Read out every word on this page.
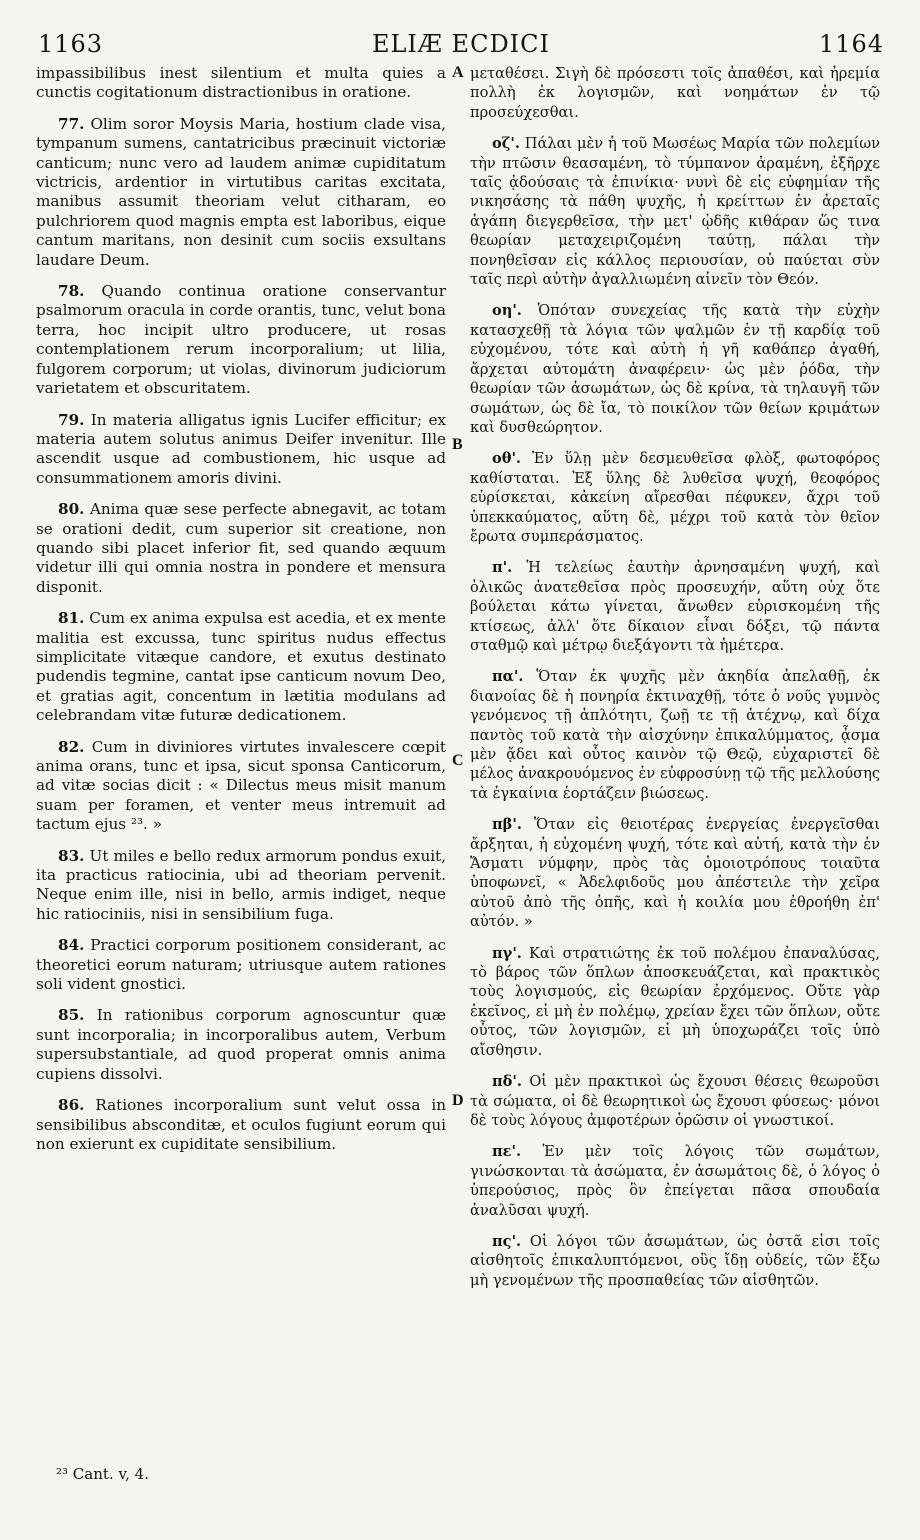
1163	ELIÆ ECDICI	1164

impassibilibus inest silentium et multa quies a cunctis cogitationum distractionibus in oratione.

77. Olim soror Moysis Maria, hostium clade visa, tympanum sumens, cantatricibus præcinuit victoriæ canticum; nunc vero ad laudem animæ cupiditatum victricis, ardentior in virtutibus caritas excitata, manibus assumit theoriam velut citharam, eo pulchriorem quod magnis empta est laboribus, eique cantum maritans, non desinit cum sociis exsultans laudare Deum.

78. Quando continua oratione conservantur psalmorum oracula in corde orantis, tunc, velut bona terra, hoc incipit ultro producere, ut rosas contemplationem rerum incorporalium; ut lilia, fulgorem corporum; ut violas, divinorum judiciorum varietatem et obscuritatem.

79. In materia alligatus ignis Lucifer efficitur; ex materia autem solutus animus Deifer invenitur. Ille ascendit usque ad combustionem, hic usque ad consummationem amoris divini.

80. Anima quæ sese perfecte abnegavit, ac totam se orationi dedit, cum superior sit creatione, non quando sibi placet inferior fit, sed quando æquum videtur illi qui omnia nostra in pondere et mensura disponit.

81. Cum ex anima expulsa est acedia, et ex mente malitia est excussa, tunc spiritus nudus effectus simplicitate vitæque candore, et exutus destinato pudendis tegmine, cantat ipse canticum novum Deo, et gratias agit, concentum in lætitia modulans ad celebrandam vitæ futuræ dedicationem.

82. Cum in diviniores virtutes invalescere cœpit anima orans, tunc et ipsa, sicut sponsa Canticorum, ad vitæ socias dicit : « Dilectus meus misit manum suam per foramen, et venter meus intremuit ad tactum ejus ²³. »

83. Ut miles e bello redux armorum pondus exuit, ita practicus ratiocinia, ubi ad theoriam pervenit. Neque enim ille, nisi in bello, armis indiget, neque hic ratiociniis, nisi in sensibilium fuga.

84. Practici corporum positionem considerant, ac theoretici eorum naturam; utriusque autem rationes soli vident gnostici.

85. In rationibus corporum agnoscuntur quæ sunt incorporalia; in incorporalibus autem, Verbum supersubstantiale, ad quod properat omnis anima cupiens dissolvi.

86. Rationes incorporalium sunt velut ossa in sensibilibus absconditæ, et oculos fugiunt eorum qui non exierunt ex cupiditate sensibilium.

μεταθέσει. Σιγὴ δὲ πρόσεστι τοῖς ἀπαθέσι, καὶ ἠρεμία πολλὴ ἐκ λογισμῶν, καὶ νοημάτων ἐν τῷ προσεύχεσθαι.

οζ'. Πάλαι μὲν ἡ τοῦ Μωσέως Μαρία τῶν πολεμίων τὴν πτῶσιν θεασαμένη, τὸ τύμπανον ἀραμένη, ἐξῆρχε ταῖς ᾀδούσαις τὰ ἐπινίκια· νυνὶ δὲ εἰς εὐφημίαν τῆς νικησάσης τὰ πάθη ψυχῆς, ἡ κρείττων ἐν ἀρεταῖς ἀγάπη διεγερθεῖσα, τὴν μετ' ᾠδῆς κιθάραν ὥς τινα θεωρίαν μεταχειριζομένη ταύτῃ, πάλαι τὴν πονηθεῖσαν εἰς κάλλος περιουσίαν, οὐ παύεται σὺν ταῖς περὶ αὐτὴν ἀγαλλιωμένη αἰνεῖν τὸν Θεόν.

οη'. Ὁπόταν συνεχείας τῆς κατὰ τὴν εὐχὴν κατασχεθῇ τὰ λόγια τῶν ψαλμῶν ἐν τῇ καρδίᾳ τοῦ εὐχομένου, τότε καὶ αὐτὴ ἡ γῆ καθάπερ ἀγαθή, ἄρχεται αὐτομάτη ἀναφέρειν· ὡς μὲν ῥόδα, τὴν θεωρίαν τῶν ἀσωμάτων, ὡς δὲ κρίνα, τὰ τηλαυγῆ τῶν σωμάτων, ὡς δὲ ἴα, τὸ ποικίλον τῶν θείων κριμάτων καὶ δυσθεώρητον.

οθ'. Ἐν ὕλῃ μὲν δεσμευθεῖσα φλὸξ, φωτοφόρος καθίσταται. Ἐξ ὕλης δὲ λυθεῖσα ψυχή, θεοφόρος εὑρίσκεται, κἀκείνη αἴρεσθαι πέφυκεν, ἄχρι τοῦ ὑπεκκαύματος, αὕτη δὲ, μέχρι τοῦ κατὰ τὸν θεῖον ἔρωτα συμπεράσματος.

π'. Ἡ τελείως ἑαυτὴν ἀρνησαμένη ψυχή, καὶ ὁλικῶς ἀνατεθεῖσα πρὸς προσευχήν, αὕτη οὐχ ὅτε βούλεται κάτω γίνεται, ἄνωθεν εὑρισκομένη τῆς κτίσεως, ἀλλ' ὅτε δίκαιον εἶναι δόξει, τῷ πάντα σταθμῷ καὶ μέτρῳ διεξάγοντι τὰ ἡμέτερα.

πα'. Ὅταν ἐκ ψυχῆς μὲν ἀκηδία ἀπελαθῇ, ἐκ διανοίας δὲ ἡ πονηρία ἐκτιναχθῇ, τότε ὁ νοῦς γυμνὸς γενόμενος τῇ ἁπλότητι, ζωῇ τε τῇ ἀτέχνῳ, καὶ δίχα παντὸς τοῦ κατὰ τὴν αἰσχύνην ἐπικαλύμματος, ᾆσμα μὲν ᾄδει καὶ οὗτος καινὸν τῷ Θεῷ, εὐχαριστεῖ δὲ μέλος ἀνακρουόμενος ἐν εὐφροσύνῃ τῷ τῆς μελλούσης τὰ ἐγκαίνια ἑορτάζειν βιώσεως.

πβ'. Ὅταν εἰς θειοτέρας ἐνεργείας ἐνεργεῖσθαι ἄρξηται, ἡ εὐχομένη ψυχή, τότε καὶ αὐτή, κατὰ τὴν ἐν Ἄσματι νύμφην, πρὸς τὰς ὁμοιοτρόπους τοιαῦτα ὑποφωνεῖ, « Ἀδελφιδοῦς μου ἀπέστειλε τὴν χεῖρα αὐτοῦ ἀπὸ τῆς ὀπῆς, καὶ ἡ κοιλία μου ἐθροήθη ἐπ' αὐτόν. »

πγ'. Καὶ στρατιώτης ἐκ τοῦ πολέμου ἐπαναλύσας, τὸ βάρος τῶν ὅπλων ἀποσκευάζεται, καὶ πρακτικὸς τοὺς λογισμούς, εἰς θεωρίαν ἐρχόμενος. Οὔτε γὰρ ἐκεῖνος, εἰ μὴ ἐν πολέμῳ, χρείαν ἔχει τῶν ὅπλων, οὔτε οὗτος, τῶν λογισμῶν, εἰ μὴ ὑποχωράζει τοῖς ὑπὸ αἴσθησιν.

πδ'. Οἱ μὲν πρακτικοὶ ὡς ἔχουσι θέσεις θεωροῦσι τὰ σώματα, οἱ δὲ θεωρητικοὶ ὡς ἔχουσι φύσεως· μόνοι δὲ τοὺς λόγους ἀμφοτέρων ὁρῶσιν οἱ γνωστικοί.

πε'. Ἐν μὲν τοῖς λόγοις τῶν σωμάτων, γινώσκονται τὰ ἀσώματα, ἐν ἀσωμάτοις δὲ, ὁ λόγος ὁ ὑπερούσιος, πρὸς ὃν ἐπείγεται πᾶσα σπουδαία ἀναλῦσαι ψυχή.

πς'. Οἱ λόγοι τῶν ἀσωμάτων, ὡς ὀστᾶ εἰσι τοῖς αἰσθητοῖς ἐπικαλυπτόμενοι, οὓς ἴδῃ οὐδείς, τῶν ἔξω μὴ γενομένων τῆς προσπαθείας τῶν αἰσθητῶν.

A
B
C
D
²³ Cant. v, 4.
